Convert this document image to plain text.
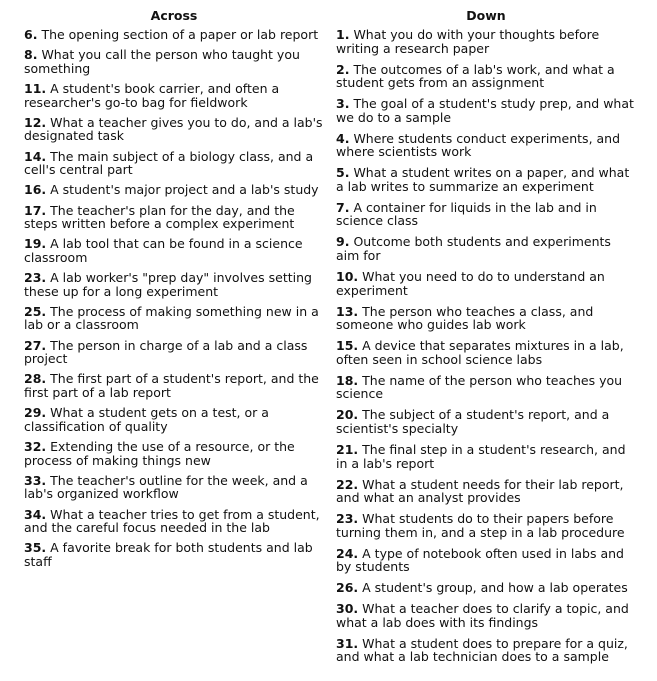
Across
6. The opening section of a paper or lab report
8. What you call the person who taught you something
11. A student's book carrier, and often a researcher's go-to bag for fieldwork
12. What a teacher gives you to do, and a lab's designated task
14. The main subject of a biology class, and a cell's central part
16. A student's major project and a lab's study
17. The teacher's plan for the day, and the steps written before a complex experiment
19. A lab tool that can be found in a science classroom
23. A lab worker's "prep day" involves setting these up for a long experiment
25. The process of making something new in a lab or a classroom
27. The person in charge of a lab and a class project
28. The first part of a student's report, and the first part of a lab report
29. What a student gets on a test, or a classification of quality
32. Extending the use of a resource, or the process of making things new
33. The teacher's outline for the week, and a lab's organized workflow
34. What a teacher tries to get from a student, and the careful focus needed in the lab
35. A favorite break for both students and lab staff
Down
1. What you do with your thoughts before writing a research paper
2. The outcomes of a lab's work, and what a student gets from an assignment
3. The goal of a student's study prep, and what we do to a sample
4. Where students conduct experiments, and where scientists work
5. What a student writes on a paper, and what a lab writes to summarize an experiment
7. A container for liquids in the lab and in science class
9. Outcome both students and experiments aim for
10. What you need to do to understand an experiment
13. The person who teaches a class, and someone who guides lab work
15. A device that separates mixtures in a lab, often seen in school science labs
18. The name of the person who teaches you science
20. The subject of a student's report, and a scientist's specialty
21. The final step in a student's research, and in a lab's report
22. What a student needs for their lab report, and what an analyst provides
23. What students do to their papers before turning them in, and a step in a lab procedure
24. A type of notebook often used in labs and by students
26. A student's group, and how a lab operates
30. What a teacher does to clarify a topic, and what a lab does with its findings
31. What a student does to prepare for a quiz, and what a lab technician does to a sample
